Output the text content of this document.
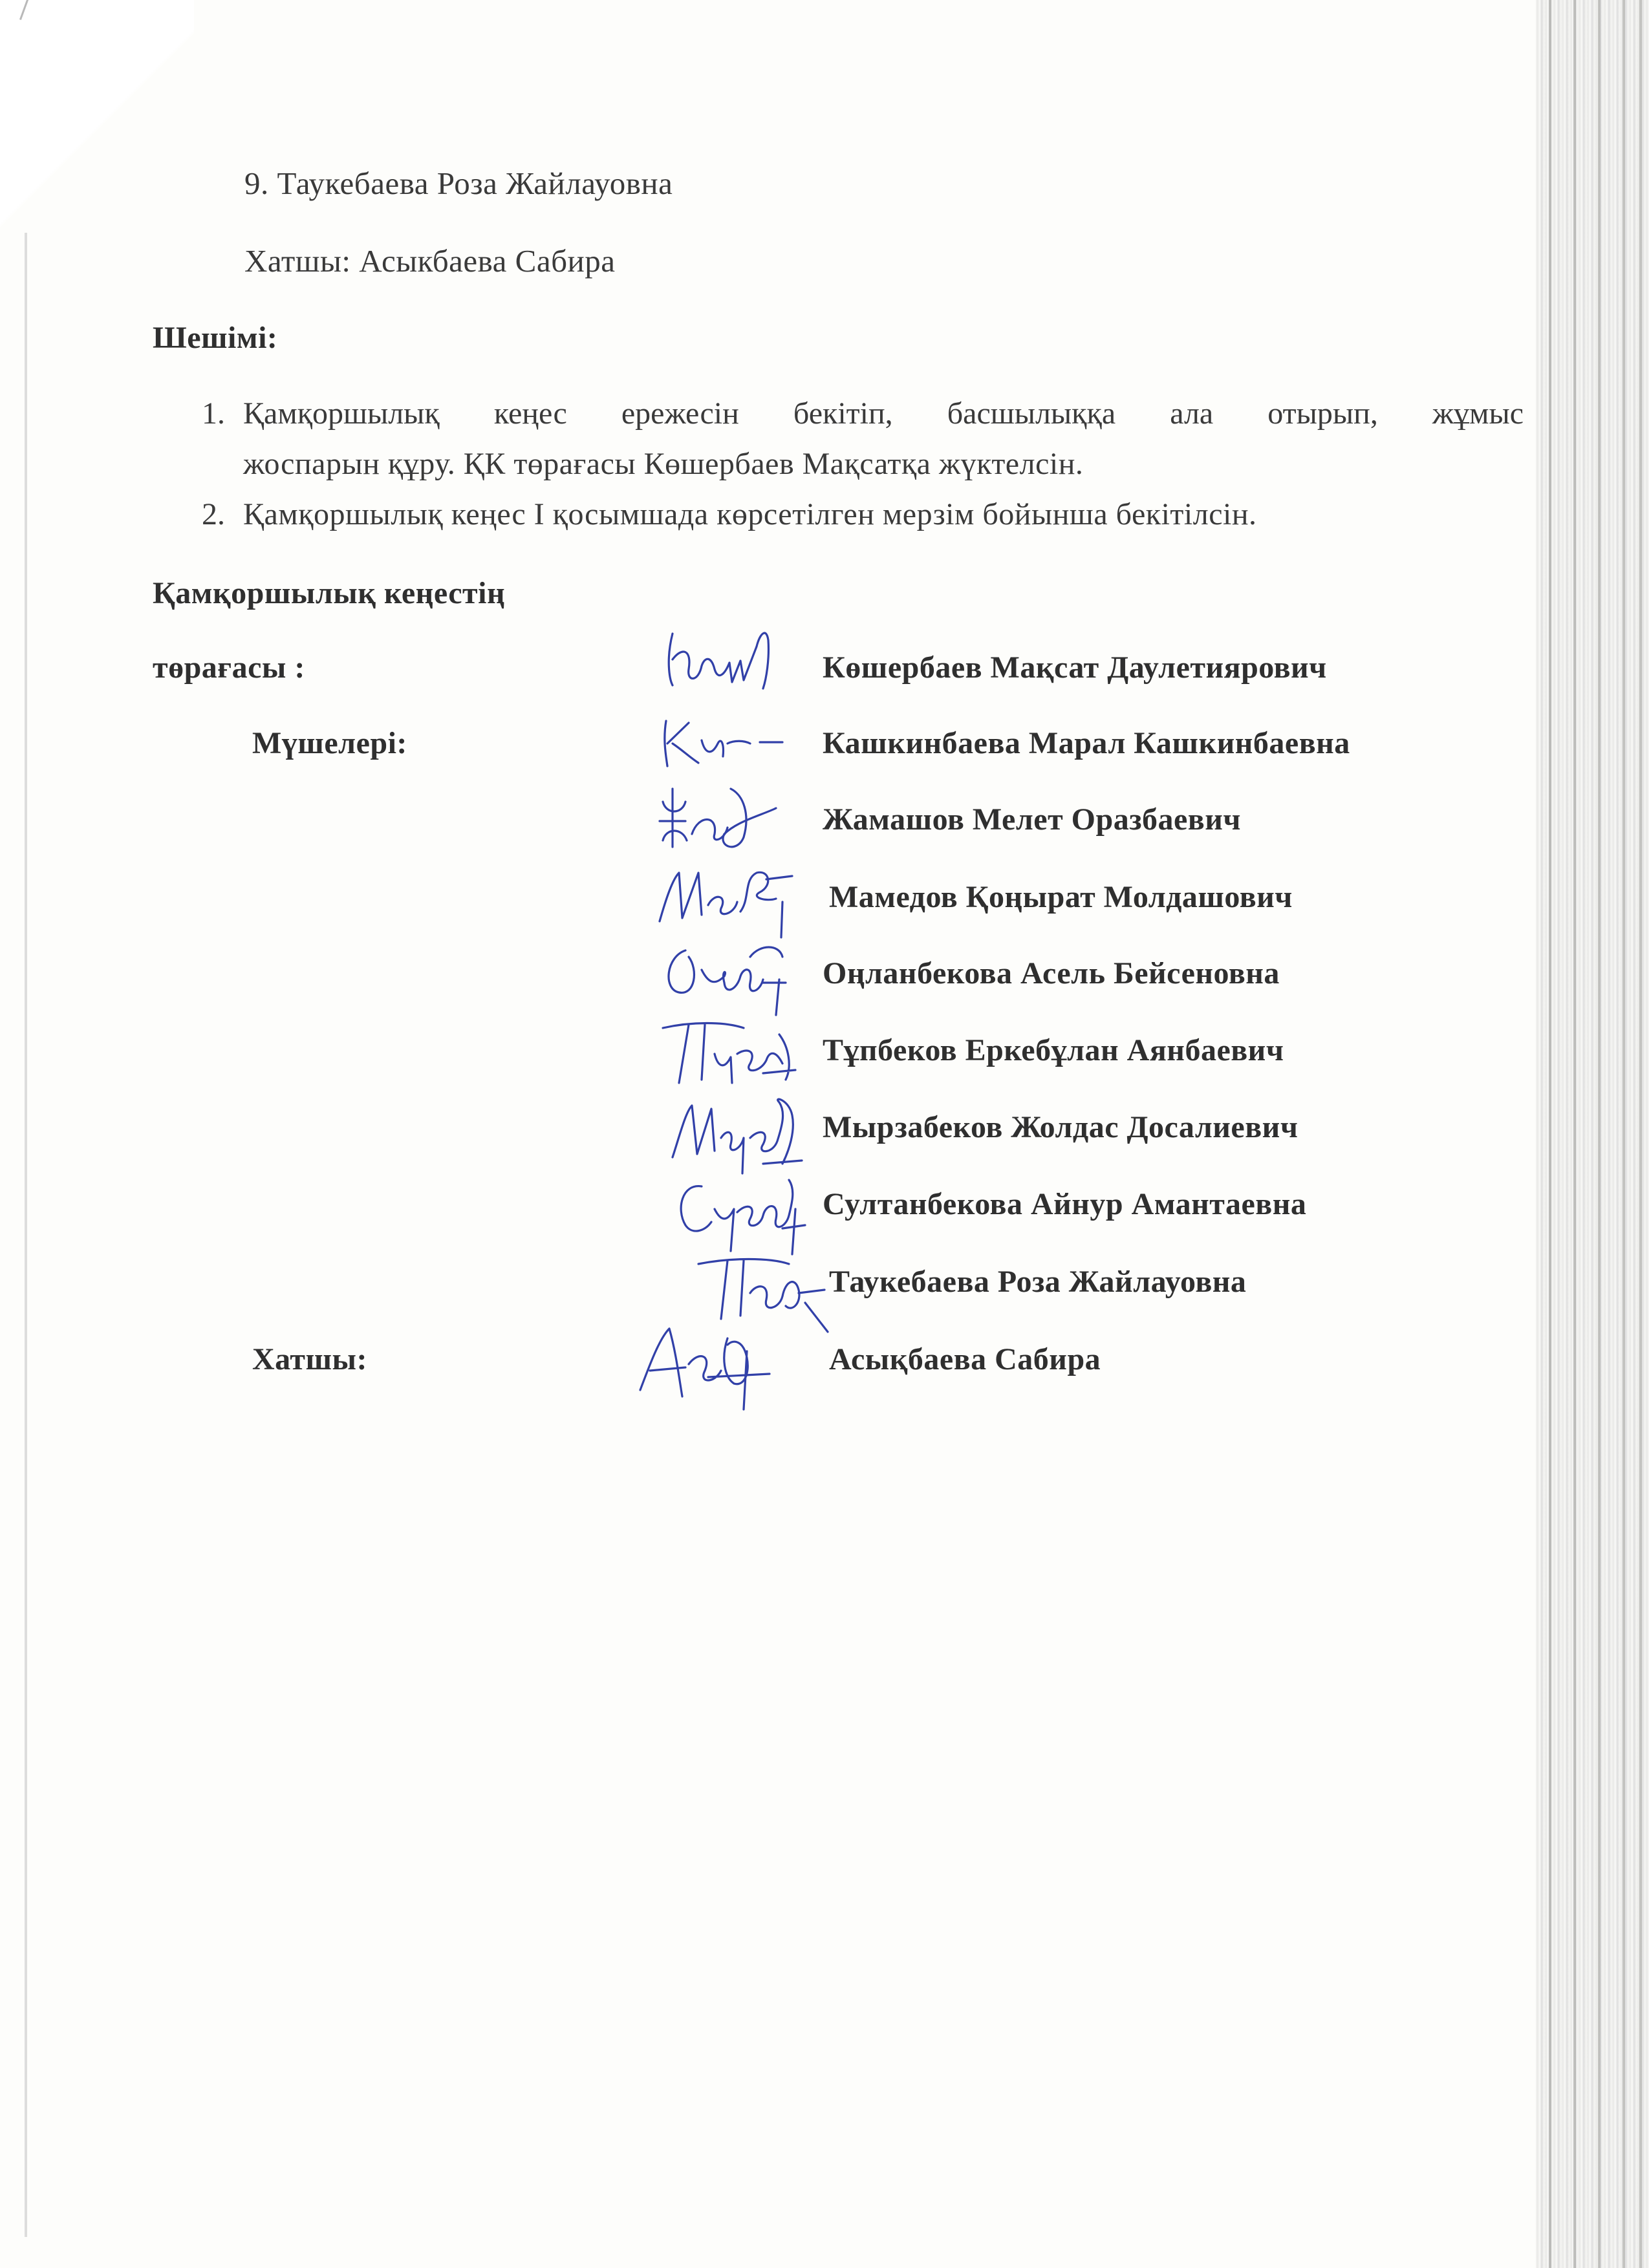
9. Таукебаева Роза Жайлауовна
Хатшы: Асыкбаева Сабира
Шешімі:
1. Қамқоршылық кеңес ережесін бекітіп, басшылыққа ала отырып, жұмыс
жоспарын құру. ҚК төрағасы Көшербаев Мақсатқа жүктелсін.
2. Қамқоршылық кеңес І қосымшада көрсетілген мерзім бойынша бекітілсін.
Қамқоршылық кеңестің
төрағасы :
Мүшелері:
Хатшы:
Көшербаев Мақсат Даулетиярович
Кашкинбаева Марал Кашкинбаевна
Жамашов Мелет Оразбаевич
Мамедов Қоңырат Молдашович
Оңланбекова Асель Бейсеновна
Тұпбеков Еркебұлан Аянбаевич
Мырзабеков Жолдас Досалиевич
Султанбекова Айнур Амантаевна
Таукебаева Роза Жайлауовна
Асықбаева Сабира
